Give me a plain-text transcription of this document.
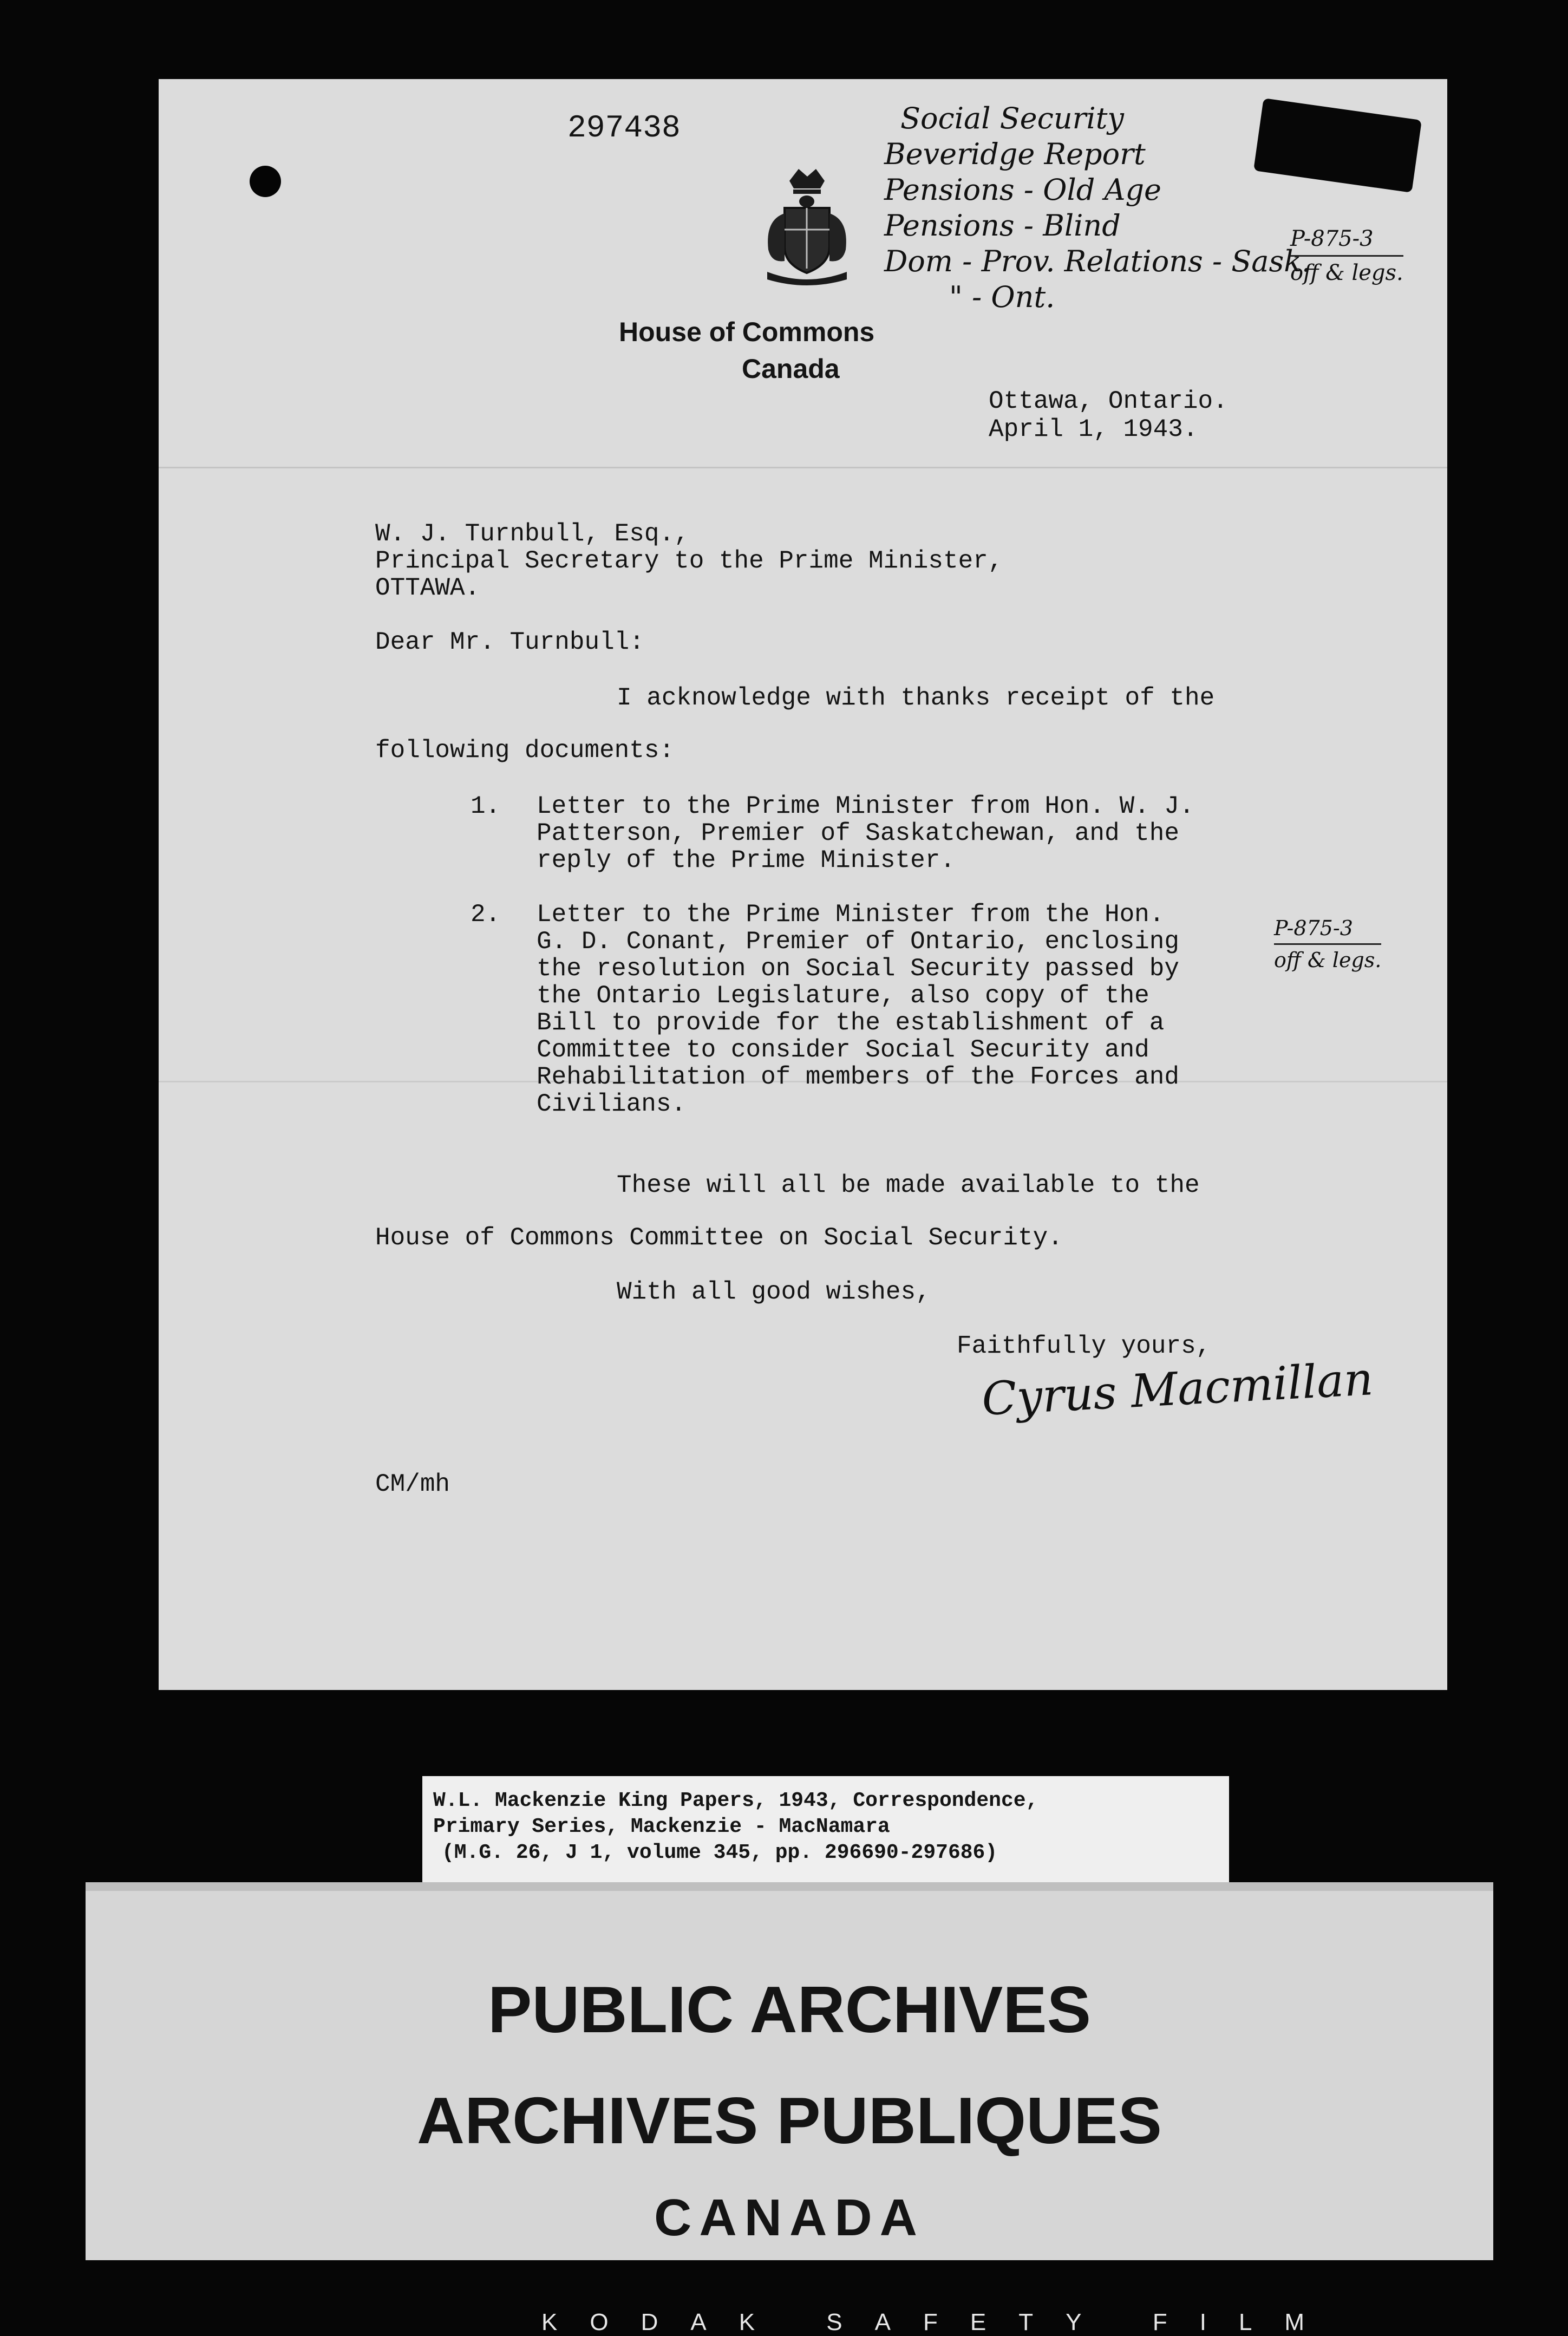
297438
House of Commons
Canada
Social Security
Beveridge Report
Pensions - Old Age
Pensions - Blind
Dom - Prov. Relations - Sask.
" - Ont.
P-875-3
off & legs.
Ottawa, Ontario.
April 1, 1943.
W. J. Turnbull, Esq.,
Principal Secretary to the Prime Minister,
OTTAWA.
Dear Mr. Turnbull:
I acknowledge with thanks receipt of the
following documents:
1. Letter to the Prime Minister from Hon. W. J.
Patterson, Premier of Saskatchewan, and the
reply of the Prime Minister.
2. Letter to the Prime Minister from the Hon.
G. D. Conant, Premier of Ontario, enclosing
the resolution on Social Security passed by
the Ontario Legislature, also copy of the
Bill to provide for the establishment of a
Committee to consider Social Security and
Rehabilitation of members of the Forces and
Civilians.
P-875-3
off & legs.
These will all be made available to the
House of Commons Committee on Social Security.
With all good wishes,
Faithfully yours,
Cyrus Macmillan
CM/mh
W.L. Mackenzie King Papers, 1943, Correspondence,
Primary Series, Mackenzie - MacNamara
(M.G. 26, J 1, volume 345, pp. 296690-297686)
PUBLIC ARCHIVES
ARCHIVES PUBLIQUES
CANADA
KODAK SAFETY FILM
